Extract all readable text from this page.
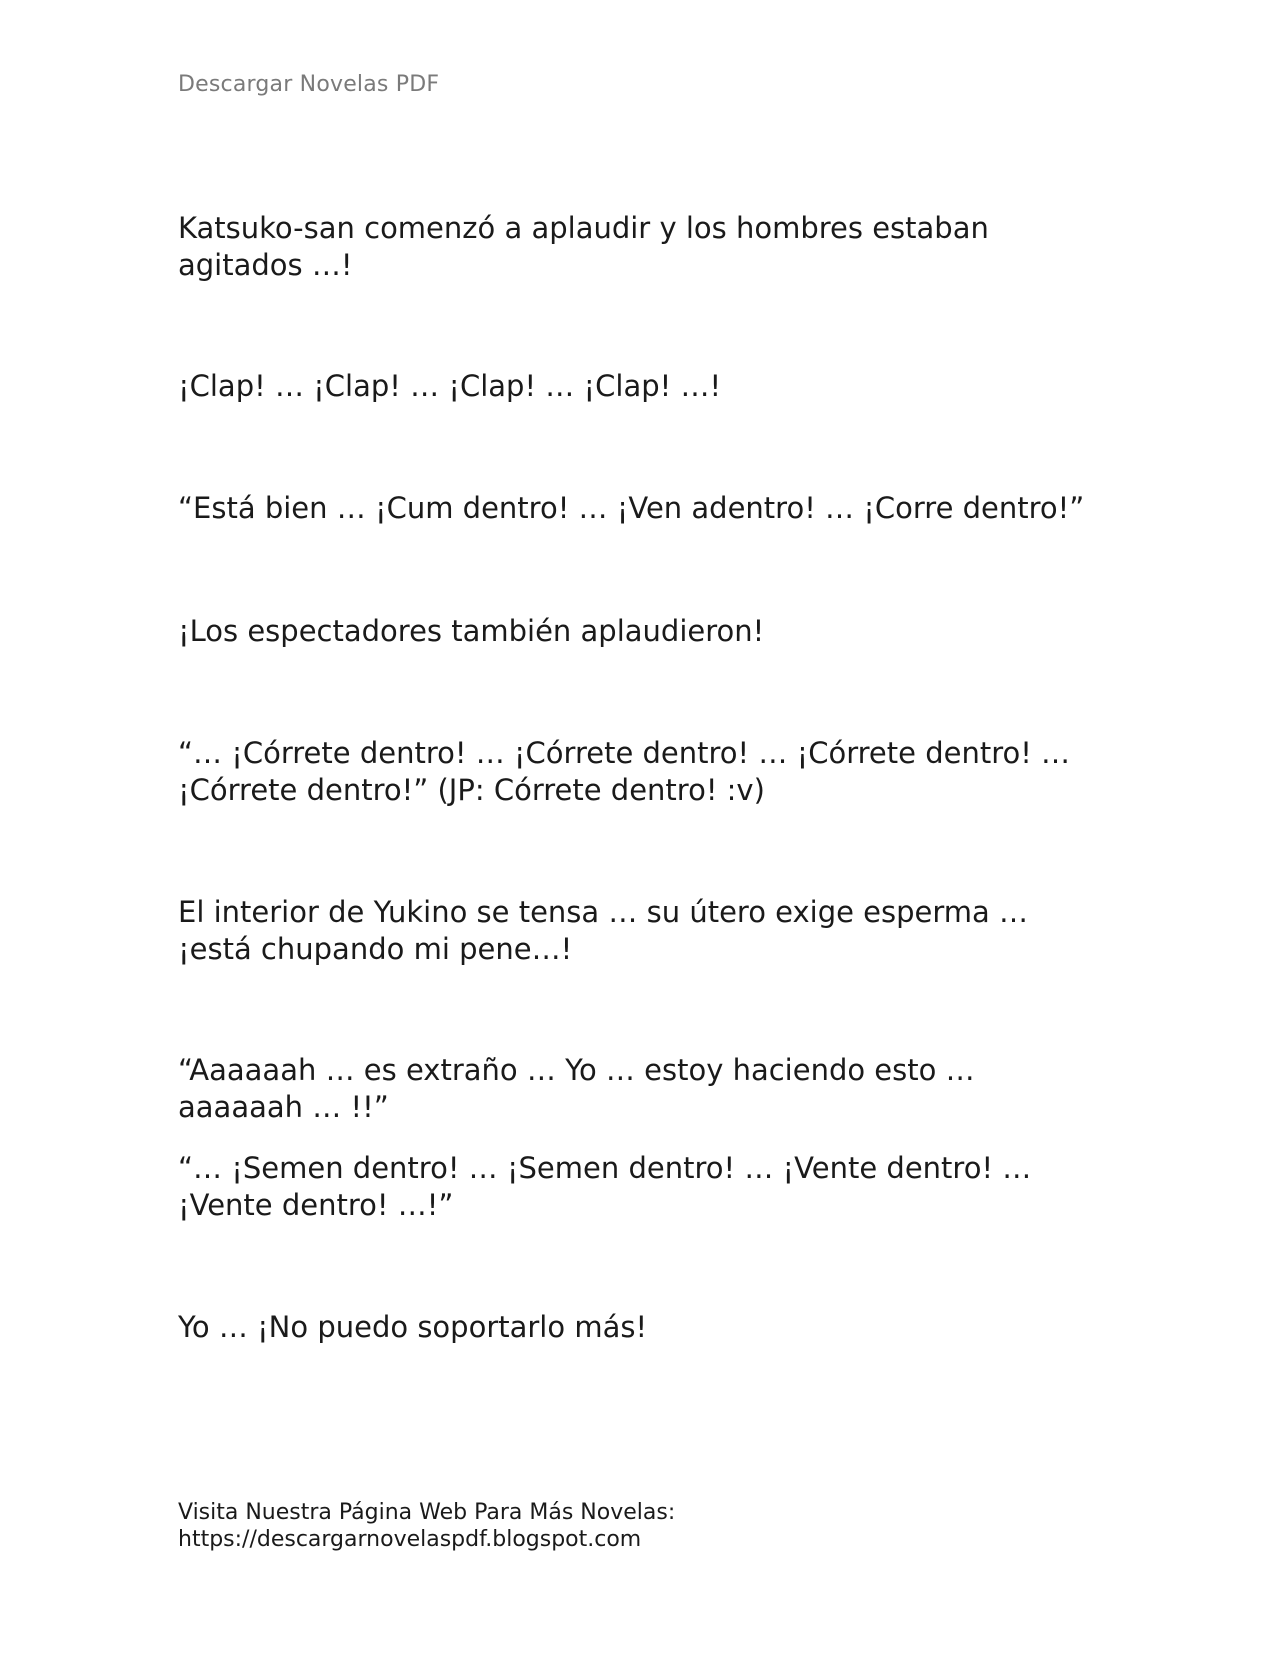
Descargar Novelas PDF

Katsuko-san comenzó a aplaudir y los hombres estaban agitados …!

¡Clap! … ¡Clap! … ¡Clap! … ¡Clap! …!

“Está bien … ¡Cum dentro! … ¡Ven adentro! … ¡Corre dentro!”

¡Los espectadores también aplaudieron!

“… ¡Córrete dentro! … ¡Córrete dentro! … ¡Córrete dentro! … ¡Córrete dentro!” (JP: Córrete dentro! :v)

El interior de Yukino se tensa … su útero exige esperma … ¡está chupando mi pene…!

“Aaaaaah … es extraño … Yo … estoy haciendo esto … aaaaaah … !!”

“… ¡Semen dentro! … ¡Semen dentro! … ¡Vente dentro! … ¡Vente dentro! …!”

Yo … ¡No puedo soportarlo más!

Visita Nuestra Página Web Para Más Novelas:
https://descargarnovelaspdf.blogspot.com
